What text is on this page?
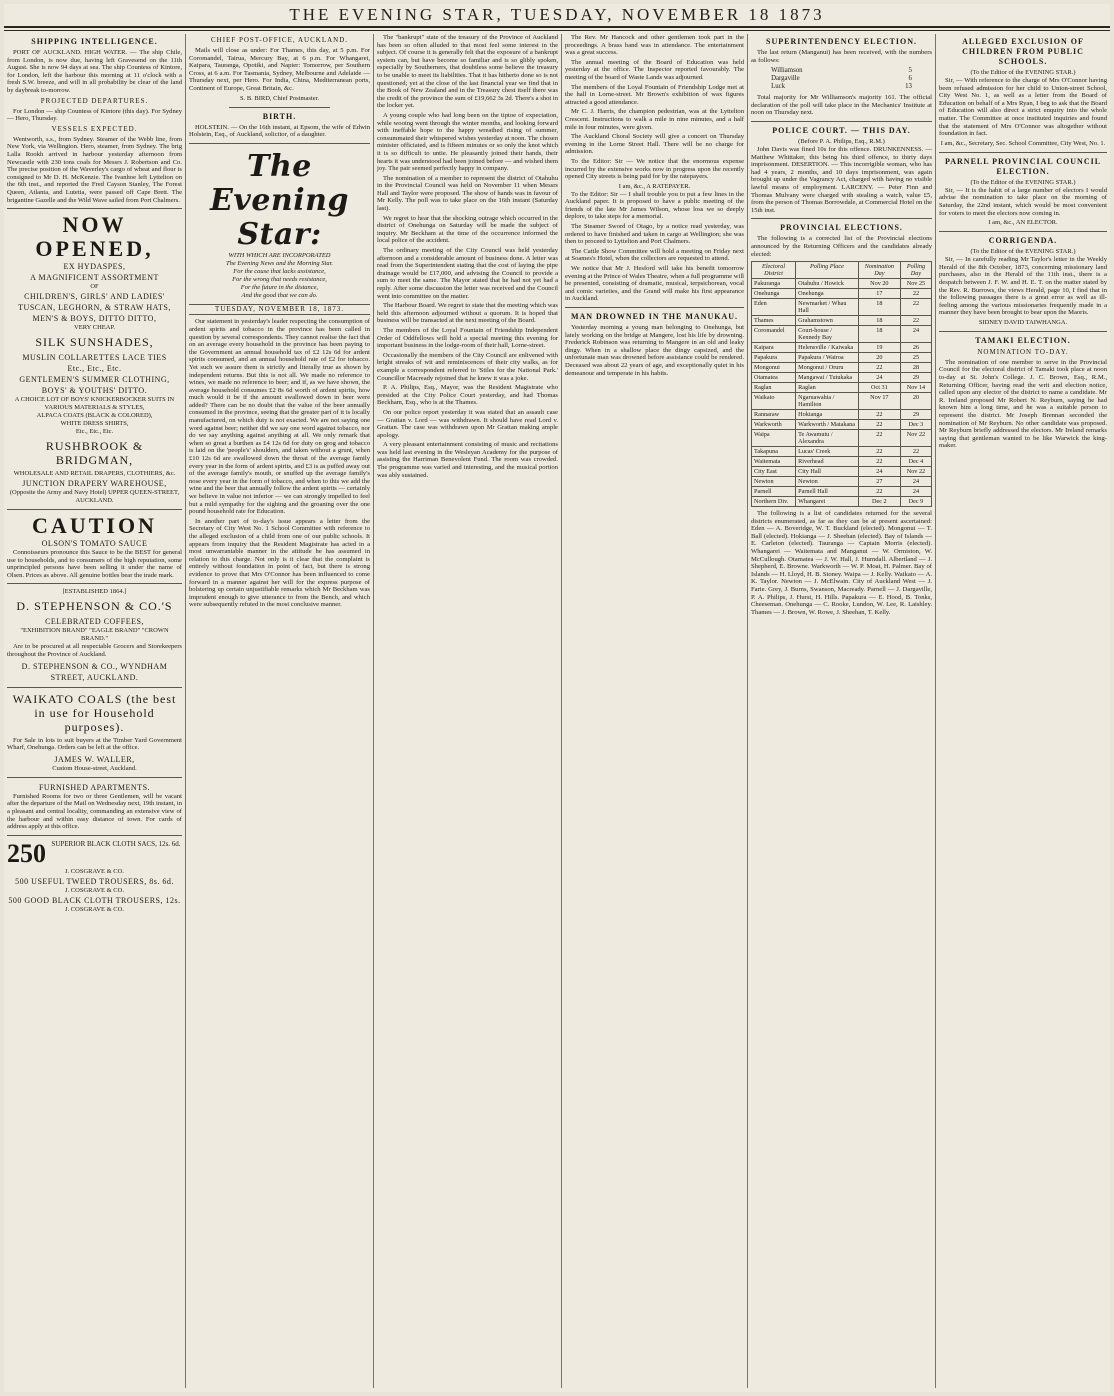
THE EVENING STAR, TUESDAY, NOVEMBER 18 1873
SHIPPING INTELLIGENCE.

PORT OF AUCKLAND. HIGH WATER. — The ship Chile, from London, is now due, having left Gravesend on the 11th August. She is now 94 days at sea. The ship Countess of Kintore, for London, left the harbour this morning at 11 o'clock with a fresh S.W. breeze, and will in all probability be clear of the land by daybreak to-morrow.

PROJECTED DEPARTURES.

For London — ship Countess of Kintore (this day). For Sydney — Hero, Thursday.

VESSELS EXPECTED.

Wentworth, s.s., from Sydney. Steamer of the Webb line, from New York, via Wellington. Hero, steamer, from Sydney. The brig Lalla Rookh arrived in harbour yesterday afternoon from Newcastle with 230 tons coals for Messrs J. Robertson and Co. The precise position of the Waverley's cargo of wheat and flour is consigned to Mr D. H. McKenzie. The Ivanhoe left Lyttelton on the 6th inst., and reported the Fred Cayson Stanley, The Forest Queen, Atlanta, and Lutetia, were passed off Cape Brett. The brigantine Gazelle and the Wild Wave sailed from Port Chalmers.

NOW OPENED,
EX HYDASPES,
A MAGNIFICENT ASSORTMENT
OF
CHILDREN'S, GIRLS' AND LADIES'
TUSCAN, LEGHORN, & STRAW HATS,
MEN'S & BOYS, DITTO DITTO,
VERY CHEAP.
SILK SUNSHADES,
MUSLIN COLLARETTES LACE TIES
Etc., Etc., Etc.
GENTLEMEN'S SUMMER CLOTHING,
BOYS' & YOUTHS' DITTO.
A CHOICE LOT OF BOYS' KNICKERBOCKER SUITS IN VARIOUS MATERIALS & STYLES,
ALPACA COATS (BLACK & COLORED),
WHITE DRESS SHIRTS,
Etc., Etc., Etc.
RUSHBROOK & BRIDGMAN,
WHOLESALE AND RETAIL DRAPERS, CLOTHIERS, &c.
JUNCTION DRAPERY WAREHOUSE,
(Opposite the Army and Navy Hotel) UPPER QUEEN-STREET, AUCKLAND.
CAUTION
OLSON'S TOMATO SAUCE

Connoisseurs pronounce this Sauce to be the BEST for general use to households, and to consumers of the high reputation, some unprincipled persons have been selling it under the name of Olsen. Prices as above. All genuine bottles bear the trade mark.

[ESTABLISHED 1864.]
D. STEPHENSON & CO.'S
CELEBRATED COFFEES,
"EXHIBITION BRAND" "EAGLE BRAND" "CROWN BRAND."

Are to be procured at all respectable Grocers and Storekeepers throughout the Province of Auckland.

D. STEPHENSON & CO., WYNDHAM STREET, AUCKLAND.
WAIKATO COALS (the best in use for Household purposes).

For Sale in lots to suit buyers at the Timber Yard Government Wharf, Onehunga. Orders can be left at the office.

JAMES W. WALLER,
Custom House-street, Auckland.
FURNISHED APARTMENTS.

Furnished Rooms for two or three Gentlemen, will be vacant after the departure of the Mail on Wednesday next, 19th instant, in a pleasant and central locality, commanding an extensive view of the harbour and within easy distance of town. For cards of address apply at this office.

250 SUPERIOR BLACK CLOTH SACS, 12s. 6d.
J. COSGRAVE & CO.
500 USEFUL TWEED TROUSERS, 8s. 6d.
J. COSGRAVE & CO.
500 GOOD BLACK CLOTH TROUSERS, 12s.
J. COSGRAVE & CO.
CHIEF POST-OFFICE, AUCKLAND.

Mails will close as under: For Thames, this day, at 5 p.m. For Coromandel, Tairua, Mercury Bay, at 6 p.m. For Whangarei, Kaipara, Tauranga, Opotiki, and Napier: Tomorrow, per Southern Cross, at 6 a.m. For Tasmania, Sydney, Melbourne and Adelaide — Thursday next, per Hero. For India, China, Mediterranean ports, Continent of Europe, Great Britain, &c.

S. B. BIRD, Chief Postmaster.
BIRTH.

HOLSTEIN. — On the 16th instant, at Epsom, the wife of Edwin Holstein, Esq., of Auckland, solicitor, of a daughter.

The Evening Star:
WITH WHICH ARE INCORPORATED
The Evening News and the Morning Star.
For the cause that lacks assistance,
For the wrong that needs resistance,
For the future in the distance,
And the good that we can do.
TUESDAY, NOVEMBER 18, 1873.

Our statement in yesterday's leader respecting the consumption of ardent spirits and tobacco in the province has been called in question by several correspondents. They cannot realise the fact that on an average every household in the province has been paying to the Government an annual household tax of £2 12s 6d for ardent spirits consumed, and an annual household rate of £2 for tobacco. Yet such we assure them is strictly and literally true as shown by independent returns. But this is not all. We made no reference to wines, we made no reference to beer; and if, as we have shown, the average household consumes £2 8s 6d worth of ardent spirits, how much would it be if the amount swallowed down in beer were added? There can be no doubt that the value of the beer annually consumed in the province, seeing that the greater part of it is locally manufactured, on which duty is not exacted. We are not saying one word against beer; neither did we say one word against tobacco, nor do we say anything against anything at all. We only remark that when so great a burthen as £4 12s 6d for duty on grog and tobacco is laid on the 'people's' shoulders, and taken without a grunt, when £10 12s 6d are swallowed down the throat of the average family every year in the form of ardent spirits, and £3 is as puffed away out of the average family's mouth, or snuffed up the average family's nose every year in the form of tobacco, and when to this we add the wine and the beer that annually follow the ardent spirits — certainly we believe in value not inferior — we can strongly impelled to feel but a mild sympathy for the sighing and the groaning over the one pound household rate for Education.

In another part of to-day's issue appears a letter from the Secretary of City West No. 1 School Committee with reference to the alleged exclusion of a child from one of our public schools. It appears from inquiry that the Resident Magistrate has acted in a most unwarrantable manner in the attitude he has assumed in relation to this charge. Not only is it clear that the complaint is entirely without foundation in point of fact, but there is strong evidence to prove that Mrs O'Connor has been influenced to come forward in a manner against her will for the express purpose of bolstering up certain unjustifiable remarks which Mr Beckham was imprudent enough to give utterance to from the Bench, and which were subsequently refuted in the most conclusive manner.

The "bankrupt" state of the treasury of the Province of Auckland has been so often alluded to that most feel some interest in the subject. Of course it is generally felt that the exposure of a bankrupt system can, but have become so familiar and is so glibly spoken, especially by Southerners, that doubtless some believe the treasury to be unable to meet its liabilities. That it has hitherto done so is not questioned; yet at the close of the last financial year we find that in the Book of New Zealand and in the Treasury chest itself there was the credit of the province the sum of £19,662 3s 2d. There's a shot in the locker yet.

A young couple who had long been on the tiptoe of expectation, while wooing went through the winter months, and looking forward with ineffable hope to the happy wreathed rising of summer, consummated their whispered wishes yesterday at noon. The chosen minister officiated, and is fifteen minutes or so only the knot which it is so difficult to untie. He pleasantly joined their hands, their hearts it was understood had been joined before — and wished them joy. The pair seemed perfectly happy in company.

The nomination of a member to represent the district of Otahuhu in the Provincial Council was held on November 11 when Messrs Hall and Taylor were proposed. The show of hands was in favour of Mr Kelly. The poll was to take place on the 16th instant (Saturday last).

We regret to hear that the shocking outrage which occurred in the district of Onehunga on Saturday will be made the subject of inquiry. Mr Beckham at the time of the occurrence informed the local police of the accident.

The ordinary meeting of the City Council was held yesterday afternoon and a considerable amount of business done. A letter was read from the Superintendent stating that the cost of laying the pipe drainage would be £17,000, and advising the Council to provide a sum to meet the same. The Mayor stated that he had not yet had a reply. After some discussion the letter was received and the Council went into committee on the matter.

The Harbour Board. We regret to state that the meeting which was held this afternoon adjourned without a quorum. It is hoped that business will be transacted at the next meeting of the Board.

The members of the Loyal Fountain of Friendship Independent Order of Oddfellows will hold a special meeting this evening for important business in the lodge-room of their hall, Lorne-street.

Occasionally the members of the City Council are enlivened with bright streaks of wit and reminiscences of their city walks, as for example a correspondent referred to 'Stiles for the National Park.' Councillor Macready rejoined that he knew it was a joke.

P. A. Philips, Esq., Mayor, was the Resident Magistrate who presided at the City Police Court yesterday, and had Thomas Beckham, Esq., who is at the Thames.

On our police report yesterday it was stated that an assault case — Grattan v. Lord — was withdrawn. It should have read Lord v. Grattan. The case was withdrawn upon Mr Grattan making ample apology.

A very pleasant entertainment consisting of music and recitations was held last evening in the Wesleyan Academy for the purpose of assisting the Harriman Benevolent Fund. The room was crowded. The programme was varied and interesting, and the musical portion was ably sustained.

The Rev. Mr Hancock and other gentlemen took part in the proceedings. A brass band was in attendance. The entertainment was a great success.

The annual meeting of the Board of Education was held yesterday at the office. The Inspector reported favourably. The meeting of the board of Waste Lands was adjourned.

The members of the Loyal Fountain of Friendship Lodge met at the hall in Lorne-street. Mr Brown's exhibition of wax figures attracted a good attendance.

Mr C. J. Harris, the champion pedestrian, was at the Lyttelton Crescent. Instructions to walk a mile in nine minutes, and a half mile in four minutes, were given.

The Auckland Choral Society will give a concert on Thursday evening in the Lorne Street Hall. There will be no charge for admission.

To the Editor: Sir — We notice that the enormous expense incurred by the extensive works now in progress upon the recently opened City streets is being paid for by the ratepayers.

I am, &c., A RATEPAYER.

To the Editor: Sir — I shall trouble you to put a few lines in the Auckland paper. It is proposed to have a public meeting of the friends of the late Mr James Wilson, whose loss we so deeply deplore, to take steps for a memorial.

The Steamer Sword of Otago, by a notice read yesterday, was ordered to have finished and taken in cargo at Wellington; she was then to proceed to Lyttelton and Port Chalmers.

The Cattle Show Committee will hold a meeting on Friday next at Soames's Hotel, when the collectors are requested to attend.

We notice that Mr J. Hesford will take his benefit tomorrow evening at the Prince of Wales Theatre, when a full programme will be presented, consisting of dramatic, musical, terpsichorean, vocal and comic varieties, and the Grand will make his first appearance in Auckland.

MAN DROWNED IN THE MANUKAU.

Yesterday morning a young man belonging to Onehunga, but lately working on the bridge at Mangere, lost his life by drowning. Frederick Robinson was returning to Mangere in an old and leaky dingy. When in a shallow place the dingy capsized, and the unfortunate man was drowned before assistance could be rendered. Deceased was about 22 years of age, and exceptionally quiet in his demeanour and temperate in his habits.

SUPERINTENDENCY ELECTION.

The last return (Manganui) has been received, with the numbers as follows:

Williamson	5
Dargaville	6
Luck	13

Total majority for Mr Williamson's majority 161. The official declaration of the poll will take place in the Mechanics' Institute at noon on Thursday next.

POLICE COURT. — THIS DAY.
(Before P. A. Philips, Esq., R.M.)

John Davis was fined 10s for this offence. DRUNKENNESS. — Matthew Whittaker, this being his third offence, to thirty days imprisonment. DESERTION. — This incorrigible woman, who has had 4 years, 2 months, and 10 days imprisonment, was again brought up under the Vagrancy Act, charged with having no visible lawful means of employment. LARCENY. — Peter Finn and Thomas Mulvany were charged with stealing a watch, value £5, from the person of Thomas Borrowdale, at Commercial Hotel on the 15th inst.

PROVINCIAL ELECTIONS.

The following is a corrected list of the Provincial elections announced by the Returning Officers and the candidates already elected:

Electoral District	Polling Place	Nomination Day	Polling Day
Pakuranga	Otahuhu / Howick	Nov 20	Nov 25
Onehunga	Onehunga	17	22
Eden	Newmarket / Whau Hall	18	22
Thames	Grahamstown	18	22
Coromandel	Court-house / Kennedy Bay	18	24
Kaipara	Helensville / Kaiwaka	19	26
Papakura	Papakura / Wairoa	20	25
Mongonui	Mongonui / Oruru	22	28
Otamatea	Mangawai / Tutukaka	24	29
Raglan	Raglan	Oct 31	Nov 14
Waikato	Ngaruawahia / Hamilton	Nov 17	20
Rannaraw	Hokianga	22	29
Warkworth	Warkworth / Matakana	22	Dec 3
Waipa	Te Awamutu / Alexandra	22	Nov 22
Takapuna	Lucas' Creek	22	22
Waitemata	Riverhead	22	Dec 4
City East	City Hall	24	Nov 22
Newton	Newton	27	24
Parnell	Parnell Hall	22	24
Northern Div.	Whangarei	Dec 2	Dec 9

The following is a list of candidates returned for the several districts enumerated, as far as they can be at present ascertained: Eden — A. Boveridge, W. T. Buckland (elected). Mongonui — T. Ball (elected). Hokianga — J. Sheehan (elected). Bay of Islands — E. Carleton (elected). Tauranga — Captain Morris (elected). Whangarei — Waitemata and Manganui — W. Ormiston, W. McCullough. Otamatea — J. W. Hall, J. Hurndall. Albertland — J. Shepherd, E. Browne. Warkworth — W. P. Moat, H. Palmer. Bay of Islands — H. Lloyd, H. B. Stoney. Waipa — J. Kelly. Waikato — A. K. Taylor. Newton — J. McElwain. City of Auckland West — J. Farie. Grey, J. Burns, Swanson, Macready. Parnell — J. Dargaville, P. A. Philips, J. Hurst, H. Hills. Papakura — E. Hood, B. Tonks, Cheeseman. Onehunga — C. Rooke, Lundon, W. Lee, R. Laishley. Thames — J. Brown, W. Rowe, J. Sheehan, T. Kelly.

ALLEGED EXCLUSION OF CHILDREN FROM PUBLIC SCHOOLS.
(To the Editor of the EVENING STAR.)

Sir, — With reference to the charge of Mrs O'Connor having been refused admission for her child to Union-street School, City West No. 1, as well as a letter from the Board of Education on behalf of a Mrs Ryan, I beg to ask that the Board of Education will also direct a strict enquiry into the whole matter. The Committee at once instituted inquiries and found that the statement of Mrs O'Connor was altogether without foundation in fact.

I am, &c., Secretary, Sec. School Committee, City West, No. 1.
PARNELL PROVINCIAL COUNCIL ELECTION.
(To the Editor of the EVENING STAR.)

Sir, — It is the habit of a large number of electors I would advise the nomination to take place on the morning of Saturday, the 22nd instant, which would be most convenient for voters to meet the electors now coming in.

I am, &c., AN ELECTOR.
CORRIGENDA.
(To the Editor of the EVENING STAR.)

Sir, — In carefully reading Mr Taylor's letter in the Weekly Herald of the 8th October, 1873, concerning missionary land purchases, also in the Herald of the 11th inst., there is a despatch between J. F. W. and H. E. T. on the matter stated by the Rev. R. Burrows, the views Herald, page 10, I find that in the following passages there is a great error as well as ill-feeling among the various missionaries frequently made in a manner they have been brought to bear upon the Maoris.

SIDNEY DAVID TAIWHANGA.
TAMAKI ELECTION.
NOMINATION TO-DAY.

The nomination of one member to serve in the Provincial Council for the electoral district of Tamaki took place at noon to-day at St. John's College. J. C. Brown, Esq., R.M., Returning Officer, having read the writ and election notice, called upon any elector of the district to name a candidate. Mr R. Ireland proposed Mr Robert N. Reyburn, saying he had known him a long time, and he was a suitable person to represent the district. Mr Joseph Brennan seconded the nomination of Mr Reyburn. No other candidate was proposed. Mr Reyburn briefly addressed the electors. Mr Ireland remarks saying that gentleman wanted to be like Warwick the king-maker.
